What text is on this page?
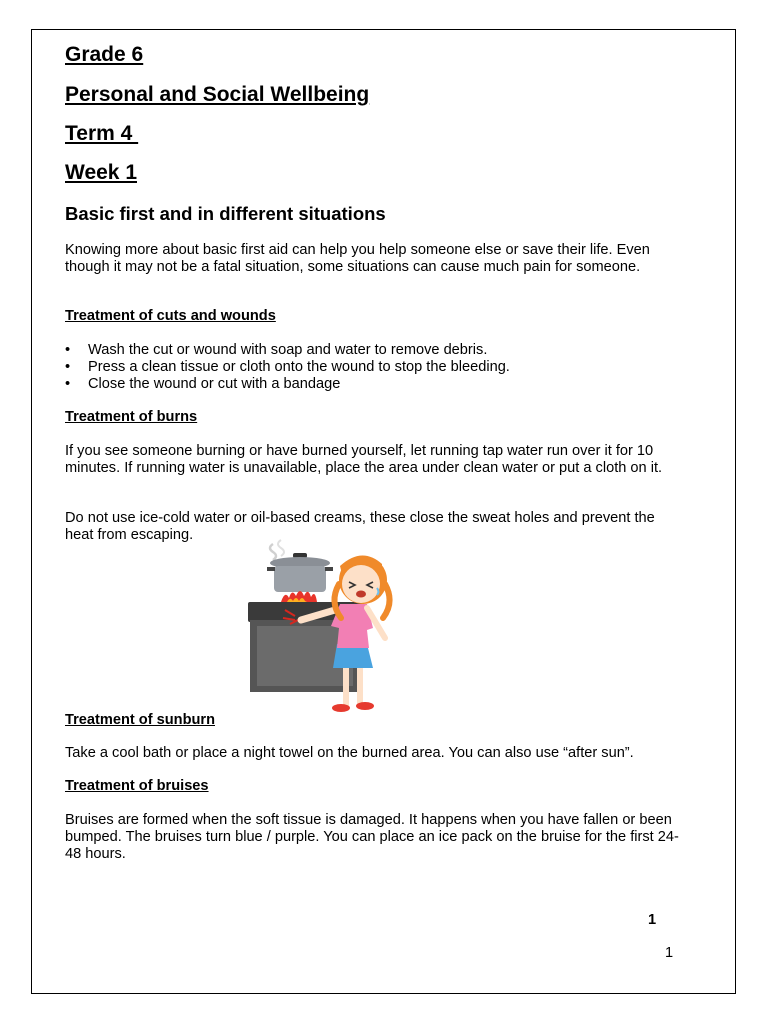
Grade 6
Personal and Social Wellbeing
Term 4
Week 1
Basic first and in different situations

Knowing more about basic first aid can help you help someone else or save their life. Even though it may not be a fatal situation, some situations can cause much pain for someone.

Treatment of cuts and wounds
• Wash the cut or wound with soap and water to remove debris.
• Press a clean tissue or cloth onto the wound to stop the bleeding.
• Close the wound or cut with a bandage
Treatment of burns

If you see someone burning or have burned yourself, let running tap water run over it for 10 minutes. If running water is unavailable, place the area under clean water or put a cloth on it.

Do not use ice-cold water or oil-based creams, these close the sweat holes and prevent the heat from escaping.

Treatment of sunburn

Take a cool bath or place a night towel on the burned area. You can also use “after sun”.

Treatment of bruises

Bruises are formed when the soft tissue is damaged. It happens when you have fallen or been bumped. The bruises turn blue / purple. You can place an ice pack on the bruise for the first 24-48 hours.

1
1
